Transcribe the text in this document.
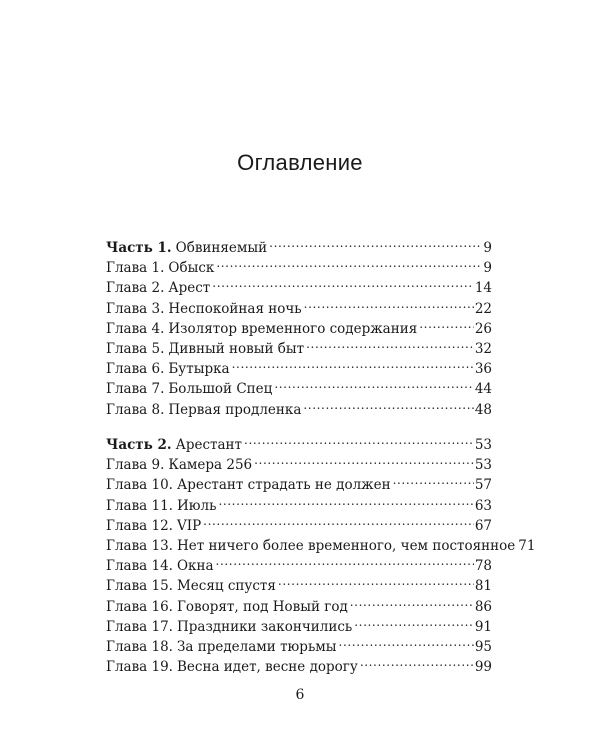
Оглавление
Часть 1. Обвиняемый .....	9
Глава 1. Обыск .....	9
Глава 2. Арест .....	14
Глава 3. Неспокойная ночь .....	22
Глава 4. Изолятор временного содержания .....	26
Глава 5. Дивный новый быт .....	32
Глава 6. Бутырка .....	36
Глава 7. Большой Спец .....	44
Глава 8. Первая продленка .....	48
Часть 2. Арестант .....	53
Глава 9. Камера 256 .....	53
Глава 10. Арестант страдать не должен .....	57
Глава 11. Июль .....	63
Глава 12. VIP .....	67
Глава 13. Нет ничего более временного, чем постоянное 71
Глава 14. Окна .....	78
Глава 15. Месяц спустя .....	81
Глава 16. Говорят, под Новый год .....	86
Глава 17. Праздники закончились .....	91
Глава 18. За пределами тюрьмы .....	95
Глава 19. Весна идет, весне дорогу .....	99
6
